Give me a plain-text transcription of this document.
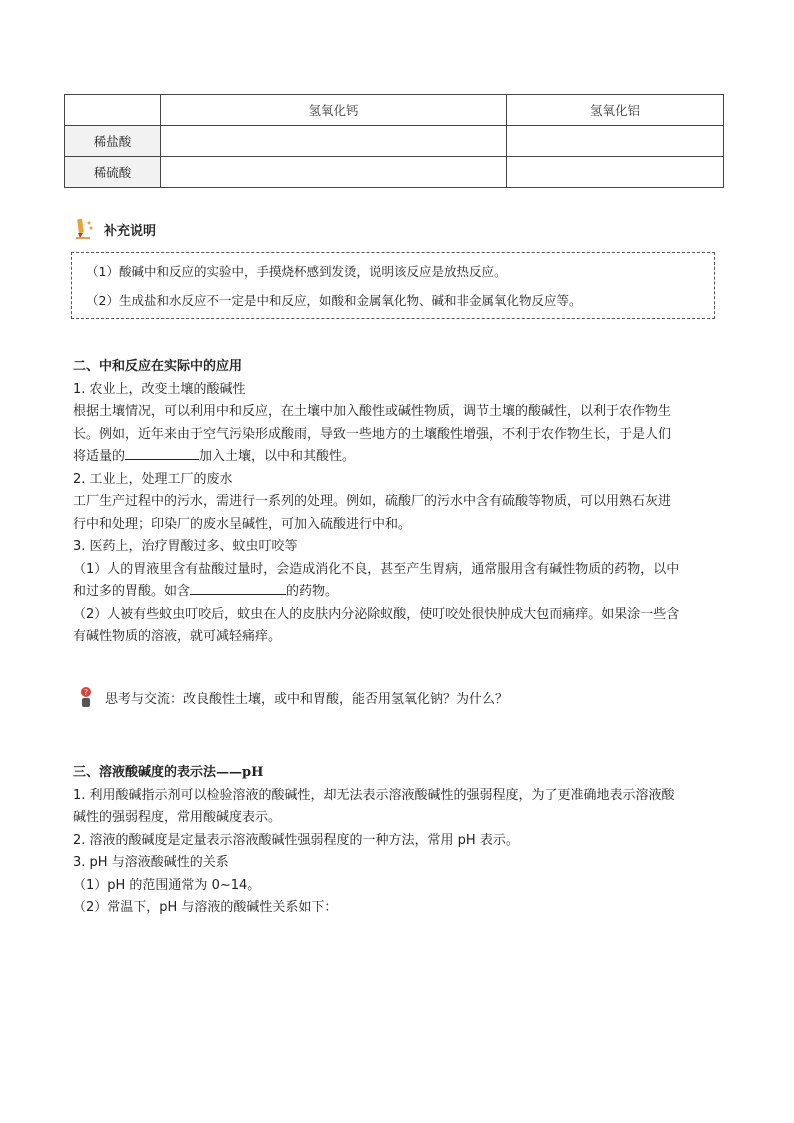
	氢氧化钙	氢氧化铝
稀盐酸		
稀硫酸		
补充说明
（1）酸碱中和反应的实验中，手摸烧杯感到发烫，说明该反应是放热反应。
（2）生成盐和水反应不一定是中和反应，如酸和金属氧化物、碱和非金属氧化物反应等。
二、中和反应在实际中的应用
1. 农业上，改变土壤的酸碱性
根据土壤情况，可以利用中和反应，在土壤中加入酸性或碱性物质，调节土壤的酸碱性，以利于农作物生
长。例如，近年来由于空气污染形成酸雨，导致一些地方的土壤酸性增强，不利于农作物生长，于是人们
将适量的	加入土壤，以中和其酸性。
2. 工业上，处理工厂的废水
工厂生产过程中的污水，需进行一系列的处理。例如，硫酸厂的污水中含有硫酸等物质，可以用熟石灰进
行中和处理；印染厂的废水呈碱性，可加入硫酸进行中和。
3. 医药上，治疗胃酸过多、蚊虫叮咬等
（1）人的胃液里含有盐酸过量时，会造成消化不良，甚至产生胃病，通常服用含有碱性物质的药物，以中
和过多的胃酸。如含	的药物。
（2）人被有些蚊虫叮咬后，蚊虫在人的皮肤内分泌除蚁酸，使叮咬处很快肿成大包而痛痒。如果涂一些含
有碱性物质的溶液，就可减轻痛痒。
? 思考与交流：改良酸性土壤，或中和胃酸，能否用氢氧化钠？为什么？
三、溶液酸碱度的表示法——pH
1. 利用酸碱指示剂可以检验溶液的酸碱性，却无法表示溶液酸碱性的强弱程度，为了更准确地表示溶液酸
碱性的强弱程度，常用酸碱度表示。
2. 溶液的酸碱度是定量表示溶液酸碱性强弱程度的一种方法，常用 pH 表示。
3. pH 与溶液酸碱性的关系
（1）pH 的范围通常为 0~14。
（2）常温下，pH 与溶液的酸碱性关系如下：
